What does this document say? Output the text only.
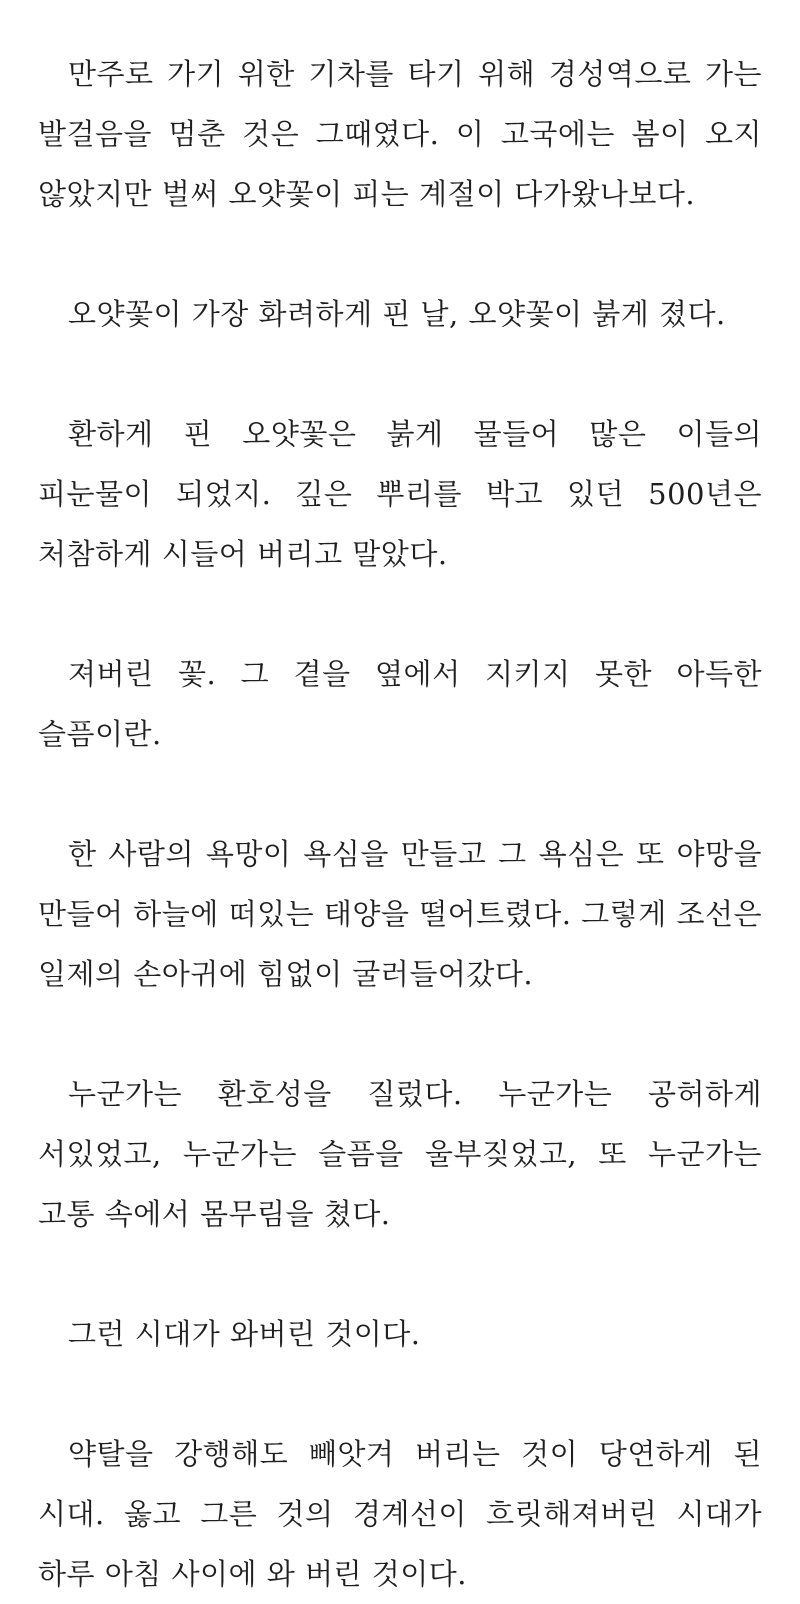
만주로 가기 위한 기차를 타기 위해 경성역으로 가는 발걸음을 멈춘 것은 그때였다. 이 고국에는 봄이 오지 않았지만 벌써 오얏꽃이 피는 계절이 다가왔나보다.

오얏꽃이 가장 화려하게 핀 날, 오얏꽃이 붉게 졌다.

환하게 핀 오얏꽃은 붉게 물들어 많은 이들의 피눈물이 되었지. 깊은 뿌리를 박고 있던 500년은 처참하게 시들어 버리고 말았다.

져버린 꽃. 그 곁을 옆에서 지키지 못한 아득한 슬픔이란.

한 사람의 욕망이 욕심을 만들고 그 욕심은 또 야망을 만들어 하늘에 떠있는 태양을 떨어트렸다. 그렇게 조선은 일제의 손아귀에 힘없이 굴러들어갔다.

누군가는 환호성을 질렀다. 누군가는 공허하게 서있었고, 누군가는 슬픔을 울부짖었고, 또 누군가는 고통 속에서 몸무림을 쳤다.

그런 시대가 와버린 것이다.

약탈을 강행해도 빼앗겨 버리는 것이 당연하게 된 시대. 옳고 그른 것의 경계선이 흐릿해져버린 시대가 하루 아침 사이에 와 버린 것이다.
